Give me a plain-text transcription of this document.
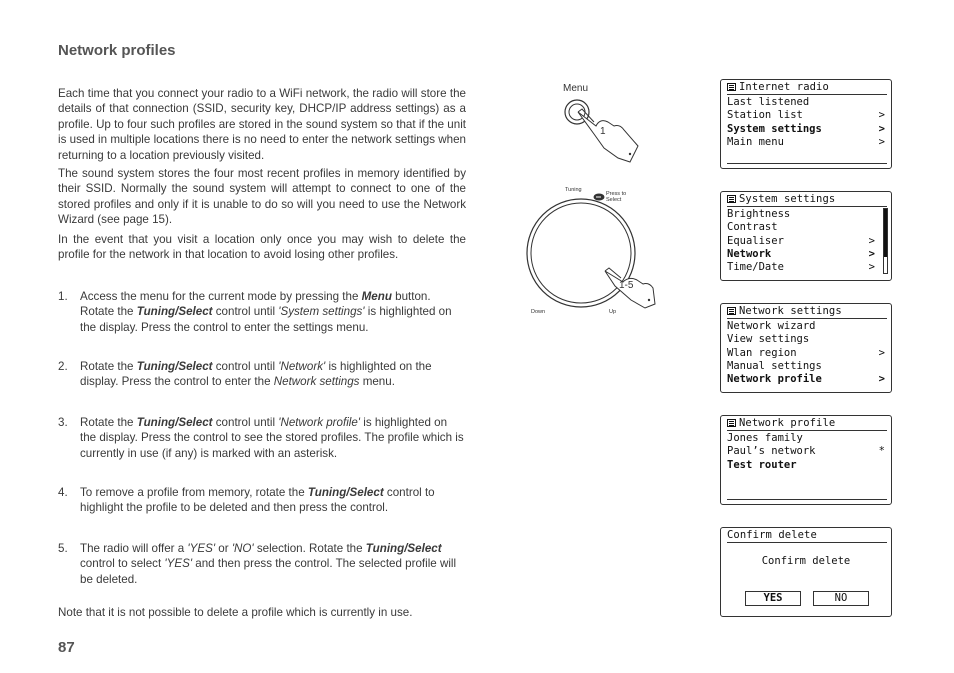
Network profiles

Each time that you connect your radio to a WiFi network, the radio will store the details of that connection (SSID, security key, DHCP/IP address settings) as a profile. Up to four such profiles are stored in the sound system so that if the unit is used in multiple locations there is no need to enter the network settings when returning to a location previously visited.

The sound system stores the four most recent profiles in memory identified by their SSID. Normally the sound system will attempt to connect to one of the stored profiles and only if it is unable to do so will you need to use the Network Wizard (see page 15).

In the event that you visit a location only once you may wish to delete the profile for the network in that location to avoid losing other profiles.

1. Access the menu for the current mode by pressing the Menu button. Rotate the Tuning/Select control until 'System settings' is highlighted on the display. Press the control to enter the settings menu.
2. Rotate the Tuning/Select control until 'Network' is highlighted on the display. Press the control to enter the Network settings menu.
3. Rotate the Tuning/Select control until 'Network profile' is highlighted on the display. Press the control to see the stored profiles. The profile which is currently in use (if any) is marked with an asterisk.
4. To remove a profile from memory, rotate the Tuning/Select control to highlight the profile to be deleted and then press the control.
5. The radio will offer a 'YES' or 'NO' selection. Rotate the Tuning/Select control to select 'YES' and then press the control. The selected profile will be deleted.
Note that it is not possible to delete a profile which is currently in use.
87
Menu
1
Tuning
Press to
Select
1-5
Down	Up
Internet radio
Last listened
Station list	>
System settings	>
Main menu	>
System settings
Brightness
Contrast
Equaliser	>
Network	>
Time/Date	>
Network settings
Network wizard
View settings
Wlan region	>
Manual settings
Network profile	>
Network profile
Jones family
Paul’s network	*
Test router
Confirm delete
Confirm delete
YES	NO
